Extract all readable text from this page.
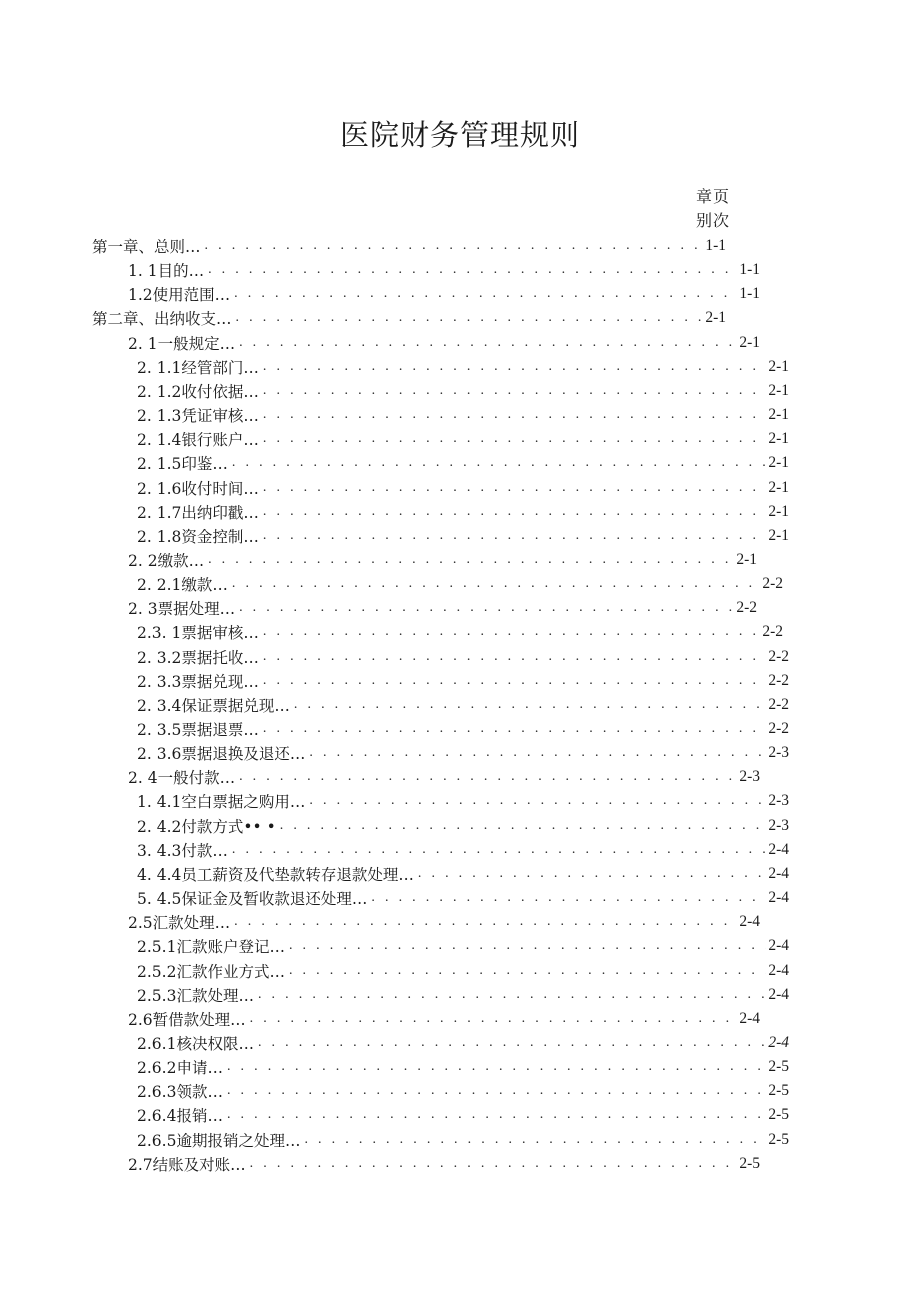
医院财务管理规则
章页
别次
第一章、总则… . . .	1-1
1. 1目的… . . .	1-1
1.2使用范围… . . .	1-1
第二章、出纳收支… . . .	2-1
2. 1一般规定… . . .	2-1
2. 1.1经管部门… . . .	2-1
2. 1.2收付依据… . . .	2-1
2. 1.3凭证审核… . . .	2-1
2. 1.4银行账户… . . .	2-1
2. 1.5印鉴… . . .	2-1
2. 1.6收付时间… . . .	2-1
2. 1.7出纳印戳… . . .	2-1
2. 1.8资金控制… . . .	2-1
2. 2缴款… . . .	2-1
2. 2.1缴款… . . .	2-2
2. 3票据处理… . . .	2-2
2.3. 1票据审核… . . .	2-2
2. 3.2票据托收… . . .	2-2
2. 3.3票据兑现… . . .	2-2
2. 3.4保证票据兑现… . . .	2-2
2. 3.5票据退票… . . .	2-2
2. 3.6票据退换及退还… . . .	2-3
2. 4一般付款… . . .	2-3
1. 4.1空白票据之购用… . . .	2-3
2. 4.2付款方式•• • . . .	2-3
3. 4.3付款… . . .	2-4
4. 4.4员工薪资及代垫款转存退款处理… . . .	2-4
5. 4.5保证金及暂收款退还处理… . . .	2-4
2.5汇款处理… . . .	2-4
2.5.1汇款账户登记… . . .	2-4
2.5.2汇款作业方式… . . .	2-4
2.5.3汇款处理… . . .	2-4
2.6暂借款处理… . . .	2-4
2.6.1核决权限… . . .	2-4
2.6.2申请… . . .	2-5
2.6.3领款… . . .	2-5
2.6.4报销… . . .	2-5
2.6.5逾期报销之处理… . . .	2-5
2.7结账及对账… . . .	2-5
